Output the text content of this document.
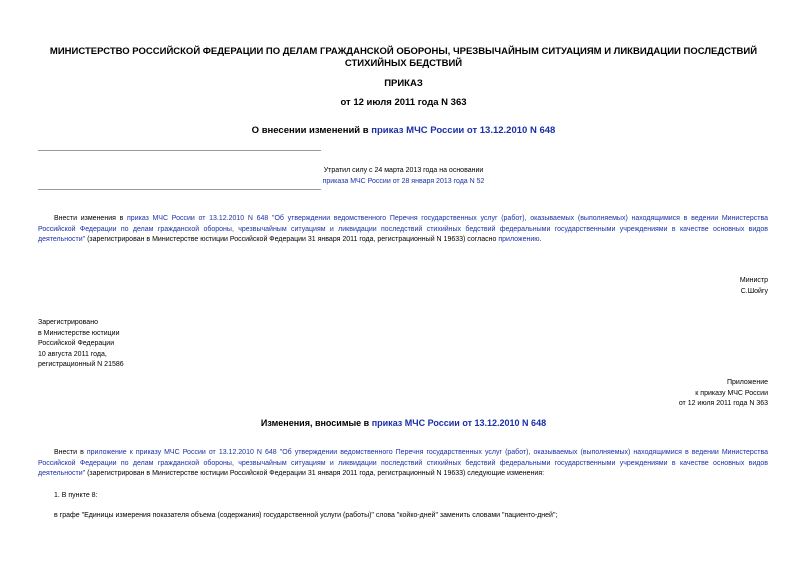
МИНИСТЕРСТВО РОССИЙСКОЙ ФЕДЕРАЦИИ ПО ДЕЛАМ ГРАЖДАНСКОЙ ОБОРОНЫ, ЧРЕЗВЫЧАЙНЫМ СИТУАЦИЯМ И ЛИКВИДАЦИИ ПОСЛЕДСТВИЙ СТИХИЙНЫХ БЕДСТВИЙ
ПРИКАЗ
от 12 июля 2011 года N 363
О внесении изменений в приказ МЧС России от 13.12.2010 N 648
Утратил силу с 24 марта 2013 года на основании
приказа МЧС России от 28 января 2013 года N 52
Внести изменения в приказ МЧС России от 13.12.2010 N 648 "Об утверждении ведомственного Перечня государственных услуг (работ), оказываемых (выполняемых) находящимися в ведении Министерства Российской Федерации по делам гражданской обороны, чрезвычайным ситуациям и ликвидации последствий стихийных бедствий федеральными государственными учреждениями в качестве основных видов деятельности" (зарегистрирован в Министерстве юстиции Российской Федерации 31 января 2011 года, регистрационный N 19633) согласно приложению.
Министр
С.Шойгу
Зарегистрировано
в Министерстве юстиции
Российской Федерации
10 августа 2011 года,
регистрационный N 21586
Приложение
к приказу МЧС России
от 12 июля 2011 года N 363
Изменения, вносимые в приказ МЧС России от 13.12.2010 N 648
Внести в приложение к приказу МЧС России от 13.12.2010 N 648 "Об утверждении ведомственного Перечня государственных услуг (работ), оказываемых (выполняемых) находящимися в ведении Министерства Российской Федерации по делам гражданской обороны, чрезвычайным ситуациям и ликвидации последствий стихийных бедствий федеральными государственными учреждениями в качестве основных видов деятельности" (зарегистрирован в Министерстве юстиции Российской Федерации 31 января 2011 года, регистрационный N 19633) следующие изменения:
1. В пункте 8:
в графе "Единицы измерения показателя объема (содержания) государственной услуги (работы)" слова "койко-дней" заменить словами "пациенто-дней";
